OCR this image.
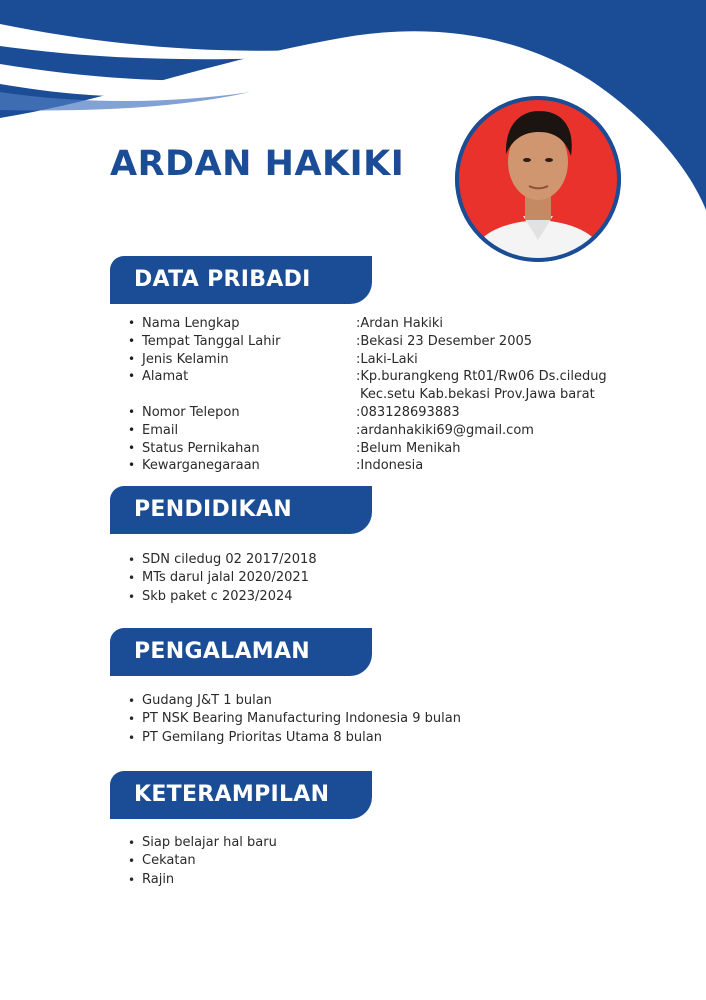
ARDAN HAKIKI
DATA PRIBADI
• Nama Lengkap	:Ardan Hakiki
• Tempat Tanggal Lahir	:Bekasi 23 Desember 2005
• Jenis Kelamin	:Laki-Laki
• Alamat	:Kp.burangkeng Rt01/Rw06 Ds.ciledug
Kec.setu Kab.bekasi Prov.Jawa barat
• Nomor Telepon	:083128693883
• Email	:ardanhakiki69@gmail.com
• Status Pernikahan	:Belum Menikah
• Kewarganegaraan	:Indonesia
PENDIDIKAN
• SDN ciledug 02 2017/2018
• MTs darul jalal 2020/2021
• Skb paket c 2023/2024
PENGALAMAN
• Gudang J&T 1 bulan
• PT NSK Bearing Manufacturing Indonesia 9 bulan
• PT Gemilang Prioritas Utama 8 bulan
KETERAMPILAN
• Siap belajar hal baru
• Cekatan
• Rajin
